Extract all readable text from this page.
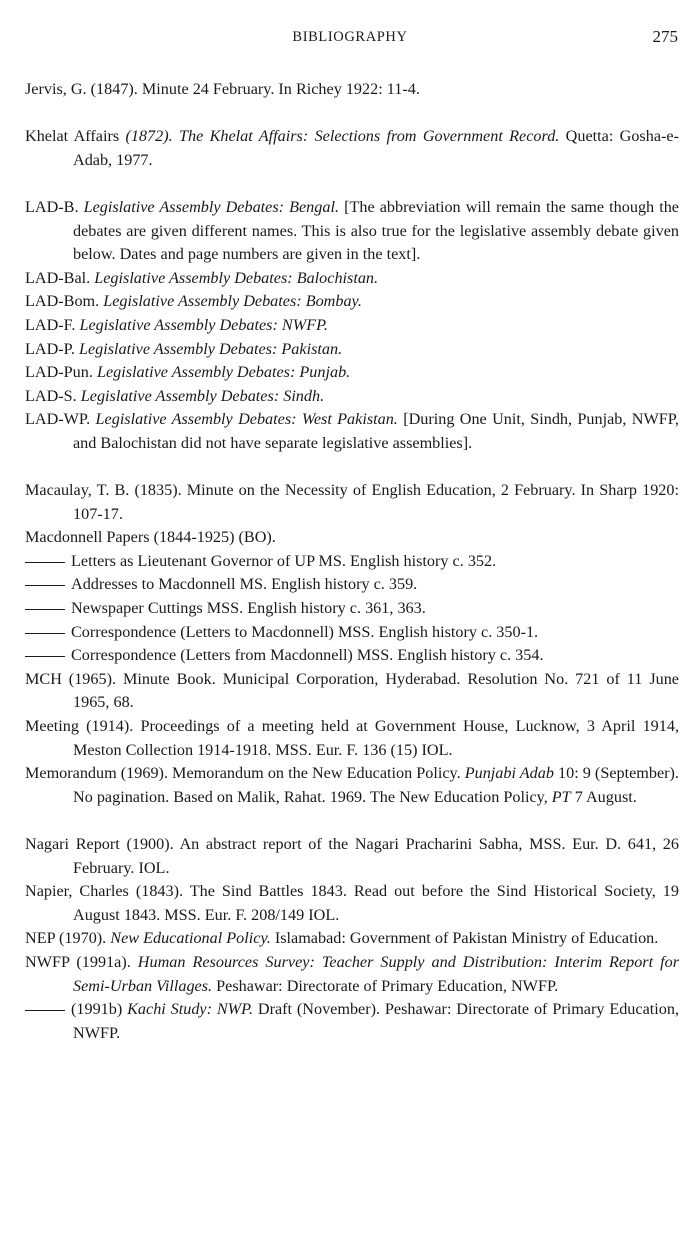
BIBLIOGRAPHY	275

Jervis, G. (1847). Minute 24 February. In Richey 1922: 11-4.

Khelat Affairs (1872). The Khelat Affairs: Selections from Government Record. Quetta: Gosha-e-Adab, 1977.

LAD-B. Legislative Assembly Debates: Bengal. [The abbreviation will remain the same though the debates are given different names. This is also true for the legislative assembly debate given below. Dates and page numbers are given in the text].

LAD-Bal. Legislative Assembly Debates: Balochistan.

LAD-Bom. Legislative Assembly Debates: Bombay.

LAD-F. Legislative Assembly Debates: NWFP.

LAD-P. Legislative Assembly Debates: Pakistan.

LAD-Pun. Legislative Assembly Debates: Punjab.

LAD-S. Legislative Assembly Debates: Sindh.

LAD-WP. Legislative Assembly Debates: West Pakistan. [During One Unit, Sindh, Punjab, NWFP, and Balochistan did not have separate legislative assemblies].

Macaulay, T. B. (1835). Minute on the Necessity of English Education, 2 February. In Sharp 1920: 107-17.

Macdonnell Papers (1844-1925) (BO).

Letters as Lieutenant Governor of UP MS. English history c. 352.

Addresses to Macdonnell MS. English history c. 359.

Newspaper Cuttings MSS. English history c. 361, 363.

Correspondence (Letters to Macdonnell) MSS. English history c. 350-1.

Correspondence (Letters from Macdonnell) MSS. English history c. 354.

MCH (1965). Minute Book. Municipal Corporation, Hyderabad. Resolution No. 721 of 11 June 1965, 68.

Meeting (1914). Proceedings of a meeting held at Government House, Lucknow, 3 April 1914, Meston Collection 1914-1918. MSS. Eur. F. 136 (15) IOL.

Memorandum (1969). Memorandum on the New Education Policy. Punjabi Adab 10: 9 (September). No pagination. Based on Malik, Rahat. 1969. The New Education Policy, PT 7 August.

Nagari Report (1900). An abstract report of the Nagari Pracharini Sabha, MSS. Eur. D. 641, 26 February. IOL.

Napier, Charles (1843). The Sind Battles 1843. Read out before the Sind Historical Society, 19 August 1843. MSS. Eur. F. 208/149 IOL.

NEP (1970). New Educational Policy. Islamabad: Government of Pakistan Ministry of Education.

NWFP (1991a). Human Resources Survey: Teacher Supply and Distribution: Interim Report for Semi-Urban Villages. Peshawar: Directorate of Primary Education, NWFP.

(1991b) Kachi Study: NWP. Draft (November). Peshawar: Directorate of Primary Education, NWFP.
